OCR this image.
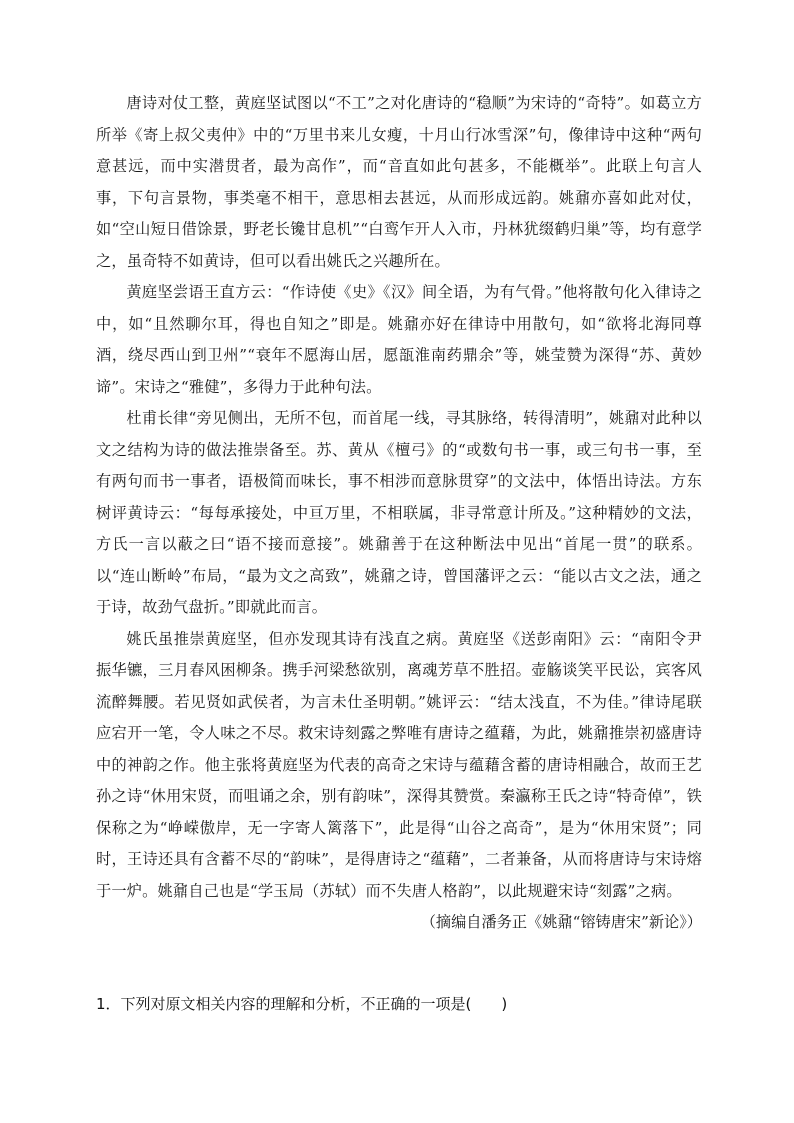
唐诗对仗工整，黄庭坚试图以“不工”之对化唐诗的“稳顺”为宋诗的“奇特”。如葛立方所举《寄上叔父夷仲》中的“万里书来儿女瘦，十月山行冰雪深”句，像律诗中这种“两句意甚远，而中实潜贯者，最为高作”，而“音直如此句甚多，不能概举”。此联上句言人事，下句言景物，事类毫不相干，意思相去甚远，从而形成远韵。姚鼐亦喜如此对仗，如“空山短日借馀景，野老长镵甘息机”“白鸾乍开人入市，丹林犹缀鹤归巢”等，均有意学之，虽奇特不如黄诗，但可以看出姚氏之兴趣所在。

黄庭坚尝语王直方云：“作诗使《史》《汉》间全语，为有气骨。”他将散句化入律诗之中，如“且然聊尔耳，得也自知之”即是。姚鼐亦好在律诗中用散句，如“欲将北海同尊酒，绕尽西山到卫州”“衰年不愿海山居，愿瓿淮南药鼎余”等，姚莹赞为深得“苏、黄妙谛”。宋诗之“雅健”，多得力于此种句法。

杜甫长律“旁见侧出，无所不包，而首尾一线，寻其脉络，转得清明”，姚鼐对此种以文之结构为诗的做法推崇备至。苏、黄从《檀弓》的“或数句书一事，或三句书一事，至有两句而书一事者，语极简而味长，事不相涉而意脉贯穿”的文法中，体悟出诗法。方东树评黄诗云：“每每承接处，中亘万里，不相联属，非寻常意计所及。”这种精妙的文法，方氏一言以蔽之曰“语不接而意接”。姚鼐善于在这种断法中见出“首尾一贯”的联系。以“连山断岭”布局，“最为文之高致”，姚鼐之诗，曾国藩评之云：“能以古文之法，通之于诗，故劲气盘折。”即就此而言。

姚氏虽推崇黄庭坚，但亦发现其诗有浅直之病。黄庭坚《送彭南阳》云：“南阳令尹振华镳，三月春风困柳条。携手河梁愁欲别，离魂芳草不胜招。壶觞谈笑平民讼，宾客风流醉舞腰。若见贤如武侯者，为言未仕圣明朝。”姚评云：“结太浅直，不为佳。”律诗尾联应宕开一笔，令人味之不尽。救宋诗刻露之弊唯有唐诗之蕴藉，为此，姚鼐推崇初盛唐诗中的神韵之作。他主张将黄庭坚为代表的高奇之宋诗与蕴藉含蓄的唐诗相融合，故而王艺孙之诗“休用宋贤，而咀诵之余，别有韵味”，深得其赞赏。秦瀛称王氏之诗“特奇倬”，铁保称之为“峥嵘傲岸，无一字寄人篱落下”，此是得“山谷之高奇”，是为“休用宋贤”；同时，王诗还具有含蓄不尽的“韵味”，是得唐诗之“蕴藉”，二者兼备，从而将唐诗与宋诗熔于一炉。姚鼐自己也是“学玉局（苏轼）而不失唐人格韵”，以此规避宋诗“刻露”之病。

（摘编自潘务正《姚鼐“镕铸唐宋”新论》）

1．下列对原文相关内容的理解和分析，不正确的一项是(　　)
